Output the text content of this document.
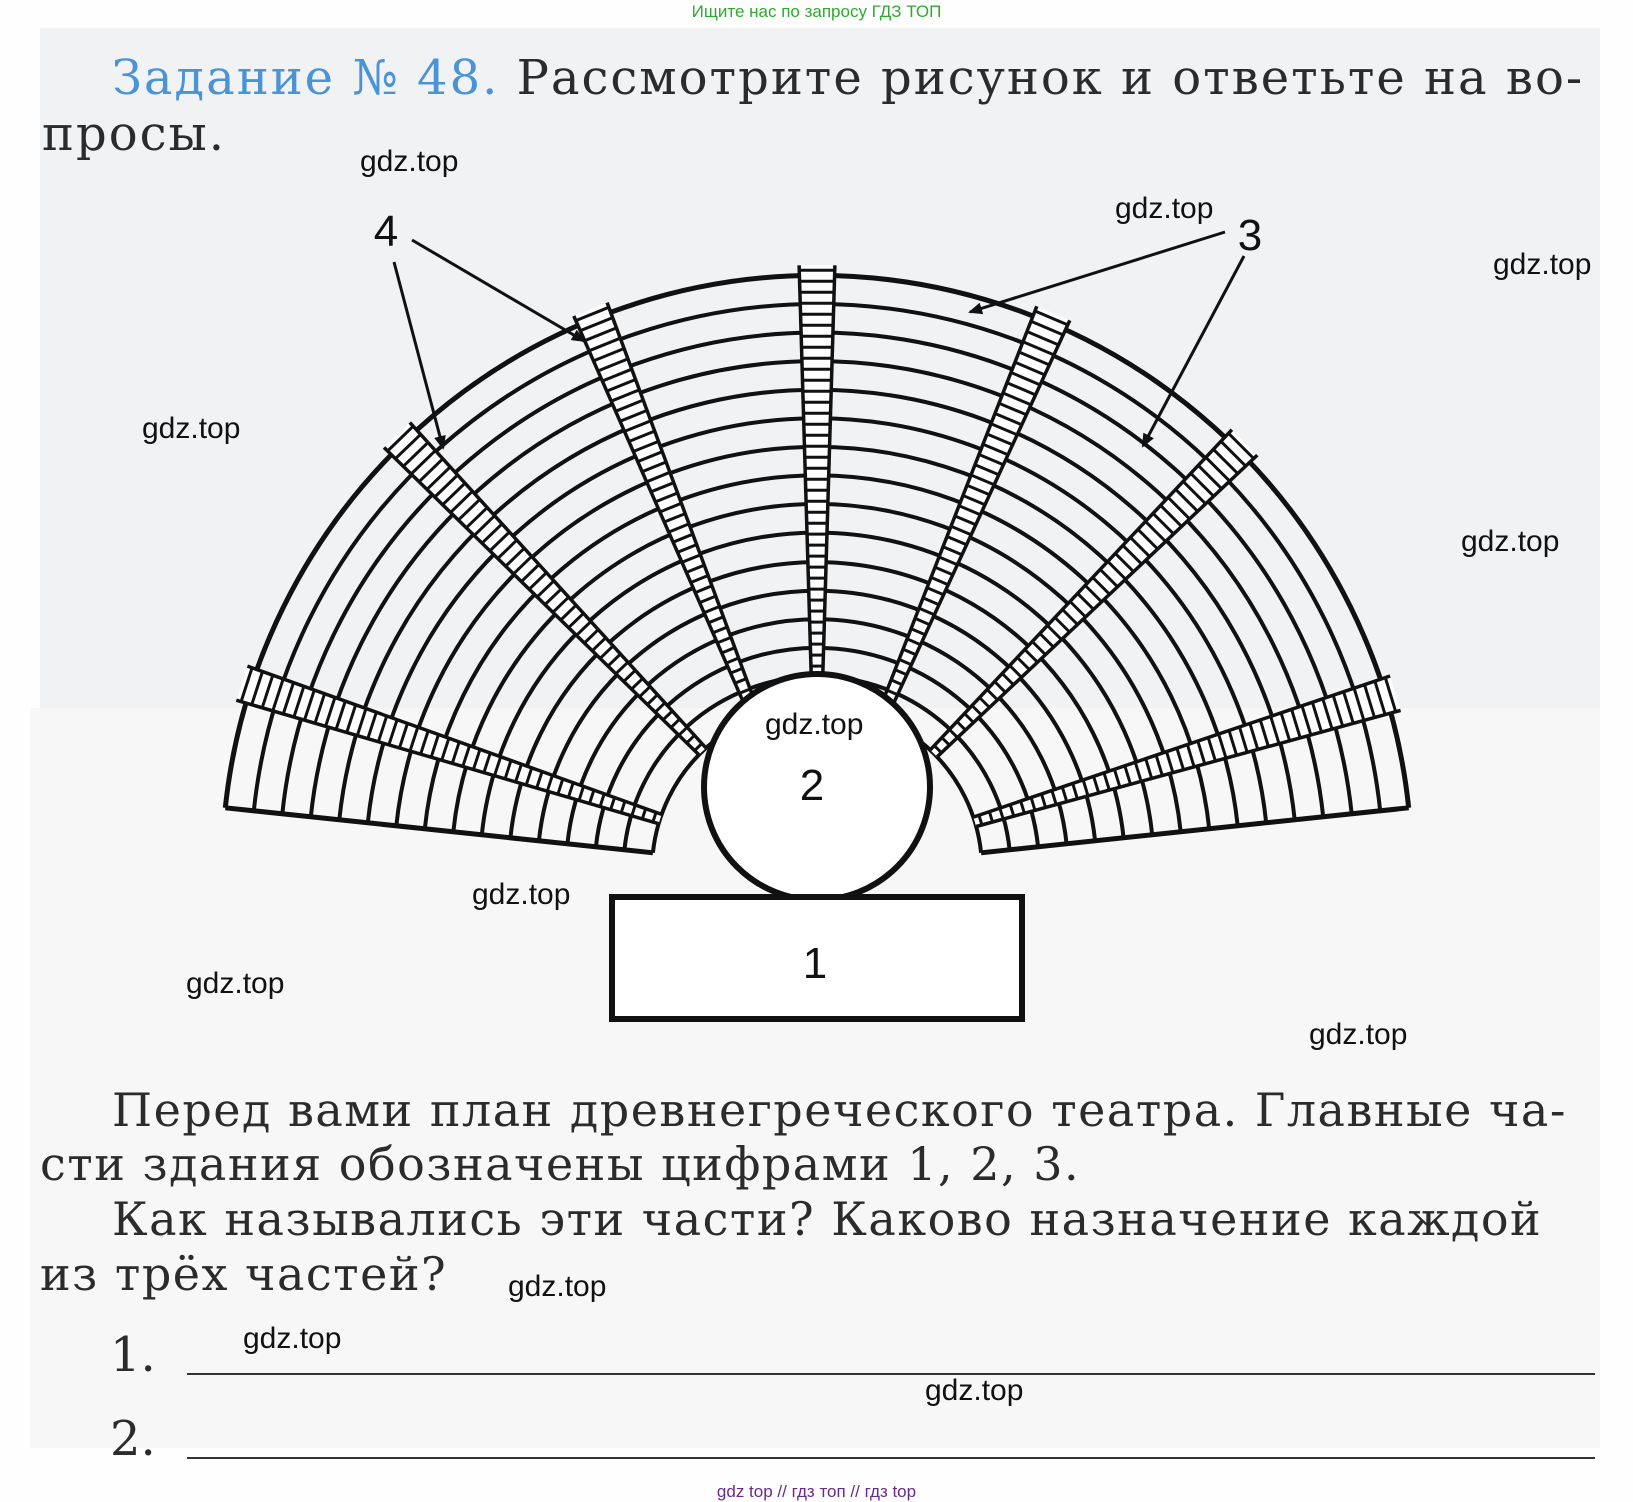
Ищите нас по запросу ГДЗ ТОП
Задание № 48. Рассмотрите рисунок и ответьте на во-
просы.
2
1
3
4
Перед вами план древнегреческого театра. Главные ча-
сти здания обозначены цифрами 1, 2, 3.
Как назывались эти части? Каково назначение каждой
из трёх частей?
1.
2.
gdz.top
gdz.top
gdz.top
gdz.top
gdz.top
gdz.top
gdz.top
gdz.top
gdz.top
gdz.top
gdz.top
gdz.top
gdz top // гдз топ // гдз top
